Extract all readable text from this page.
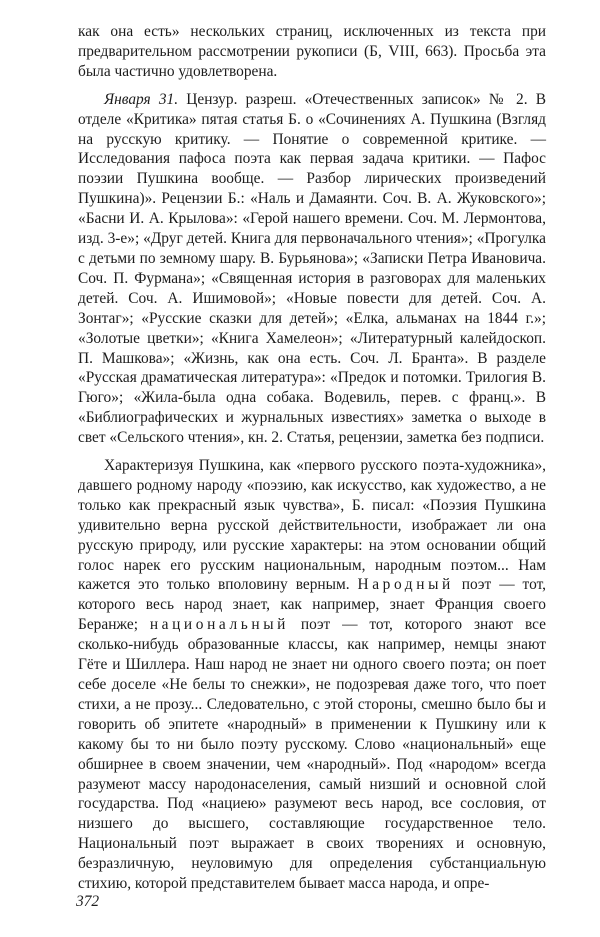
как она есть» нескольких страниц, исключенных из текста при предварительном рассмотрении рукописи (Б, VIII, 663). Просьба эта была частично удовлетворена.

Января 31. Цензур. разреш. «Отечественных записок» № 2. В отделе «Критика» пятая статья Б. о «Сочинениях А. Пушкина (Взгляд на русскую критику. — Понятие о современной критике. — Исследования пафоса поэта как первая задача критики. — Пафос поэзии Пушкина вообще. — Разбор лирических произведений Пушкина)». Рецензии Б.: «Наль и Дамаянти. Соч. В. А. Жуковского»; «Басни И. А. Крылова»: «Герой нашего времени. Соч. М. Лермонтова, изд. 3-е»; «Друг детей. Книга для первоначального чтения»; «Прогулка с детьми по земному шару. В. Бурьянова»; «Записки Петра Ивановича. Соч. П. Фурмана»; «Священная история в разговорах для маленьких детей. Соч. А. Ишимовой»; «Новые повести для детей. Соч. А. Зонтаг»; «Русские сказки для детей»; «Елка, альманах на 1844 г.»; «Золотые цветки»; «Книга Хамелеон»; «Литературный калейдоскоп. П. Машкова»; «Жизнь, как она есть. Соч. Л. Бранта». В разделе «Русская драматическая литература»: «Предок и потомки. Трилогия В. Гюго»; «Жила-была одна собака. Водевиль, перев. с франц.». В «Библиографических и журнальных известиях» заметка о выходе в свет «Сельского чтения», кн. 2. Статья, рецензии, заметка без подписи.

Характеризуя Пушкина, как «первого русского поэта-художника», давшего родному народу «поэзию, как искусство, как художество, а не только как прекрасный язык чувства», Б. писал: «Поэзия Пушкина удивительно верна русской действительности, изображает ли она русскую природу, или русские характеры: на этом основании общий голос нарек его русским национальным, народным поэтом... Нам кажется это только вполовину верным. Народный поэт — тот, которого весь народ знает, как например, знает Франция своего Беранже; национальный поэт — тот, которого знают все сколько-нибудь образованные классы, как например, немцы знают Гёте и Шиллера. Наш народ не знает ни одного своего поэта; он поет себе доселе «Не белы то снежки», не подозревая даже того, что поет стихи, а не прозу... Следовательно, с этой стороны, смешно было бы и говорить об эпитете «народный» в применении к Пушкину или к какому бы то ни было поэту русскому. Слово «национальный» еще обширнее в своем значении, чем «народный». Под «народом» всегда разумеют массу народонаселения, самый низший и основной слой государства. Под «нациею» разумеют весь народ, все сословия, от низшего до высшего, составляющие государственное тело. Национальный поэт выражает в своих творениях и основную, безразличную, неуловимую для определения субстанциальную стихию, которой представителем бывает масса народа, и опре-

372
